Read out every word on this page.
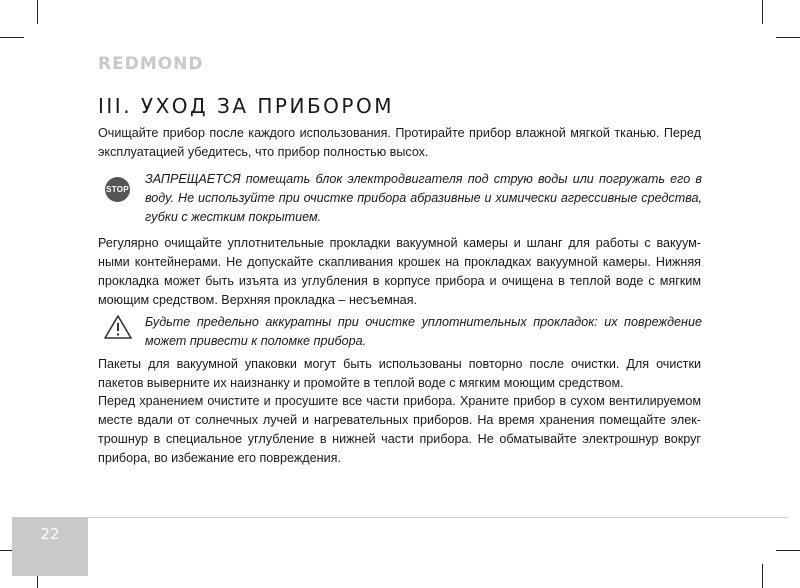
REDMOND
III. УХОД ЗА ПРИБОРОМ
Очищайте прибор после каждого использования. Протирайте прибор влажной мягкой тканью. Перед эксплуатацией убедитесь, что прибор полностью высох.
STOP
ЗАПРЕЩАЕТСЯ помещать блок электродвигателя под струю воды или погружать его в воду. Не используйте при очистке прибора абразивные и химически агрессивные средства, губки с жестким покрытием.
Регулярно очищайте уплотнительные прокладки вакуумной камеры и шланг для работы с вакуумными контейнерами. Не допускайте скапливания крошек на прокладках вакуумной камеры. Нижняя прокладка может быть изъята из углубления в корпусе прибора и очищена в теплой воде с мягким моющим средством. Верхняя прокладка – несъемная.
Будьте предельно аккуратны при очистке уплотнительных прокладок: их повреждение может привести к поломке прибора.
Пакеты для вакуумной упаковки могут быть использованы повторно после очистки. Для очистки пакетов выверните их наизнанку и промойте в теплой воде с мягким моющим средством.
Перед хранением очистите и просушите все части прибора. Храните прибор в сухом вентилируемом месте вдали от солнечных лучей и нагревательных приборов. На время хранения помещайте электрошнур в специальное углубление в нижней части прибора. Не обматывайте электрошнур вокруг прибора, во избежание его повреждения.
22
